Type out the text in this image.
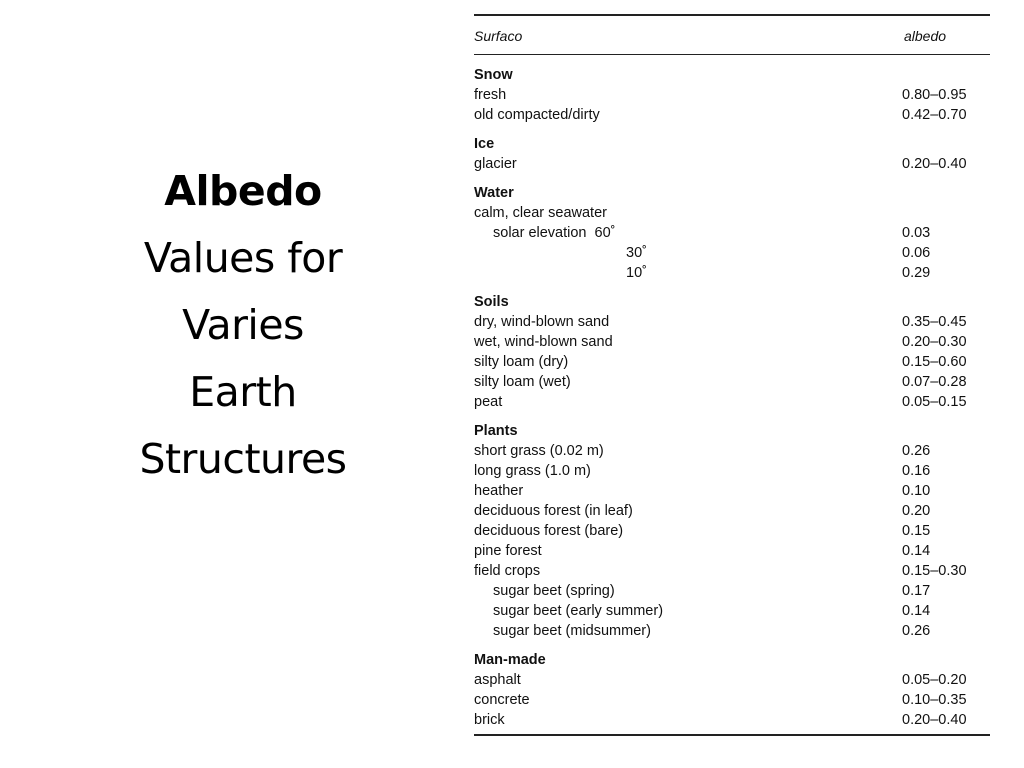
Albedo
Values for
Varies
Earth
Structures
Surfaco	albedo
Snow
fresh	0.80–0.95
old compacted/dirty	0.42–0.70
Ice
glacier	0.20–0.40
Water
calm, clear seawater
solar elevation  60˚	0.03
30˚	0.06
10˚	0.29
Soils
dry, wind-blown sand	0.35–0.45
wet, wind-blown sand	0.20–0.30
silty loam (dry)	0.15–0.60
silty loam (wet)	0.07–0.28
peat	0.05–0.15
Plants
short grass (0.02 m)	0.26
long grass (1.0 m)	0.16
heather	0.10
deciduous forest (in leaf)	0.20
deciduous forest (bare)	0.15
pine forest	0.14
field crops	0.15–0.30
sugar beet (spring)	0.17
sugar beet (early summer)	0.14
sugar beet (midsummer)	0.26
Man-made
asphalt	0.05–0.20
concrete	0.10–0.35
brick	0.20–0.40
